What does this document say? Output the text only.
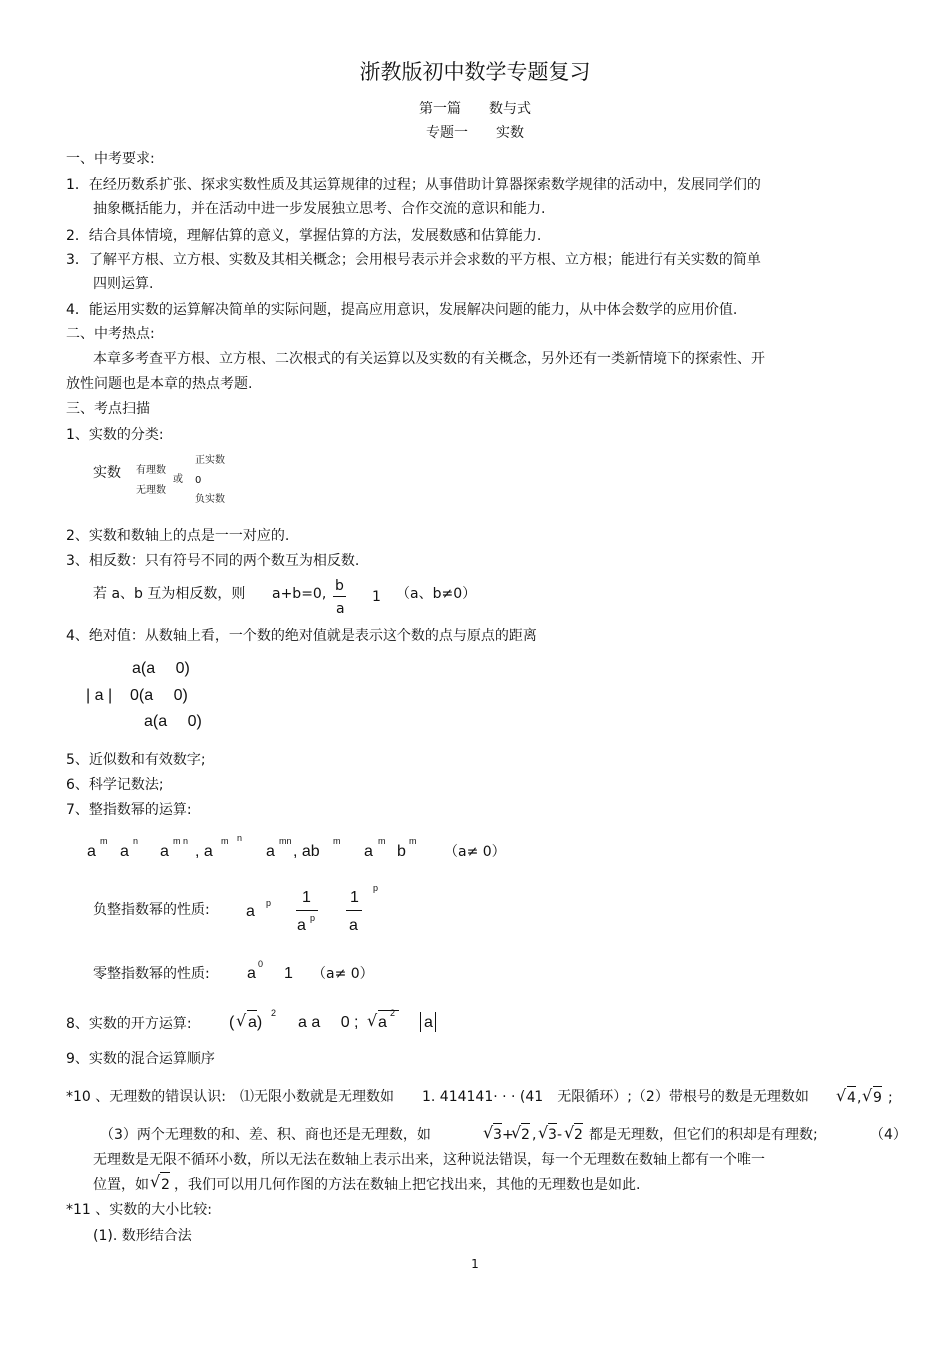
浙教版初中数学专题复习
第一篇　　数与式
专题一　　实数
一、中考要求:
1．在经历数系扩张、探求实数性质及其运算规律的过程；从事借助计算器探索数学规律的活动中，发展同学们的
抽象概括能力，并在活动中进一步发展独立思考、合作交流的意识和能力.
2．结合具体情境，理解估算的意义，掌握估算的方法，发展数感和估算能力.
3．了解平方根、立方根、实数及其相关概念；会用根号表示并会求数的平方根、立方根；能进行有关实数的简单
四则运算.
4．能运用实数的运算解决简单的实际问题，提高应用意识，发展解决问题的能力，从中体会数学的应用价值.
二、中考热点:
本章多考查平方根、立方根、二次根式的有关运算以及实数的有关概念，另外还有一类新情境下的探索性、开
放性问题也是本章的热点考题.
三、考点扫描
1、实数的分类:
实数 有理数
无理数
或
正实数
0
负实数
2、实数和数轴上的点是一一对应的.
3、相反数：只有符号不同的两个数互为相反数.
若 a、b 互为相反数，则 a+b=0, b
a
1 （a、b≠0）
4、绝对值：从数轴上看，一个数的绝对值就是表示这个数的点与原点的距离
a(a　 0)
| a | 0(a　 0)
a(a　 0)
5、近似数和有效数字;
6、科学记数法;
7、整指数幂的运算:
a
m
a
n
a
m n
, a
m n
a
mn
, ab
m
a
m
b
m
（a≠ 0）
负整指数幂的性质: a p 1
a p
1
a
p
零整指数幂的性质: a
0
1 （a≠ 0）
8、实数的开方运算: ( √ a)
2
a a　 0 ; √ a
2
a
9、实数的混合运算顺序
*10 、无理数的错误认识:　⑴无限小数就是无理数如　　1. 414141· · · (41　无限循环）;（2）带根号的数是无理数如 √ 4 , √ 9 ;
（3）两个无理数的和、差、积、商也还是无理数，如	√ 3 +
√ 2 , √ 3 - √ 2 都是无理数，但它们的积却是有理数;	（4）
无理数是无限不循环小数，所以无法在数轴上表示出来，这种说法错误，每一个无理数在数轴上都有一个唯一
位置，如 √ 2 ，我们可以用几何作图的方法在数轴上把它找出来，其他的无理数也是如此.
*11 、实数的大小比较:
(1). 数形结合法
1
